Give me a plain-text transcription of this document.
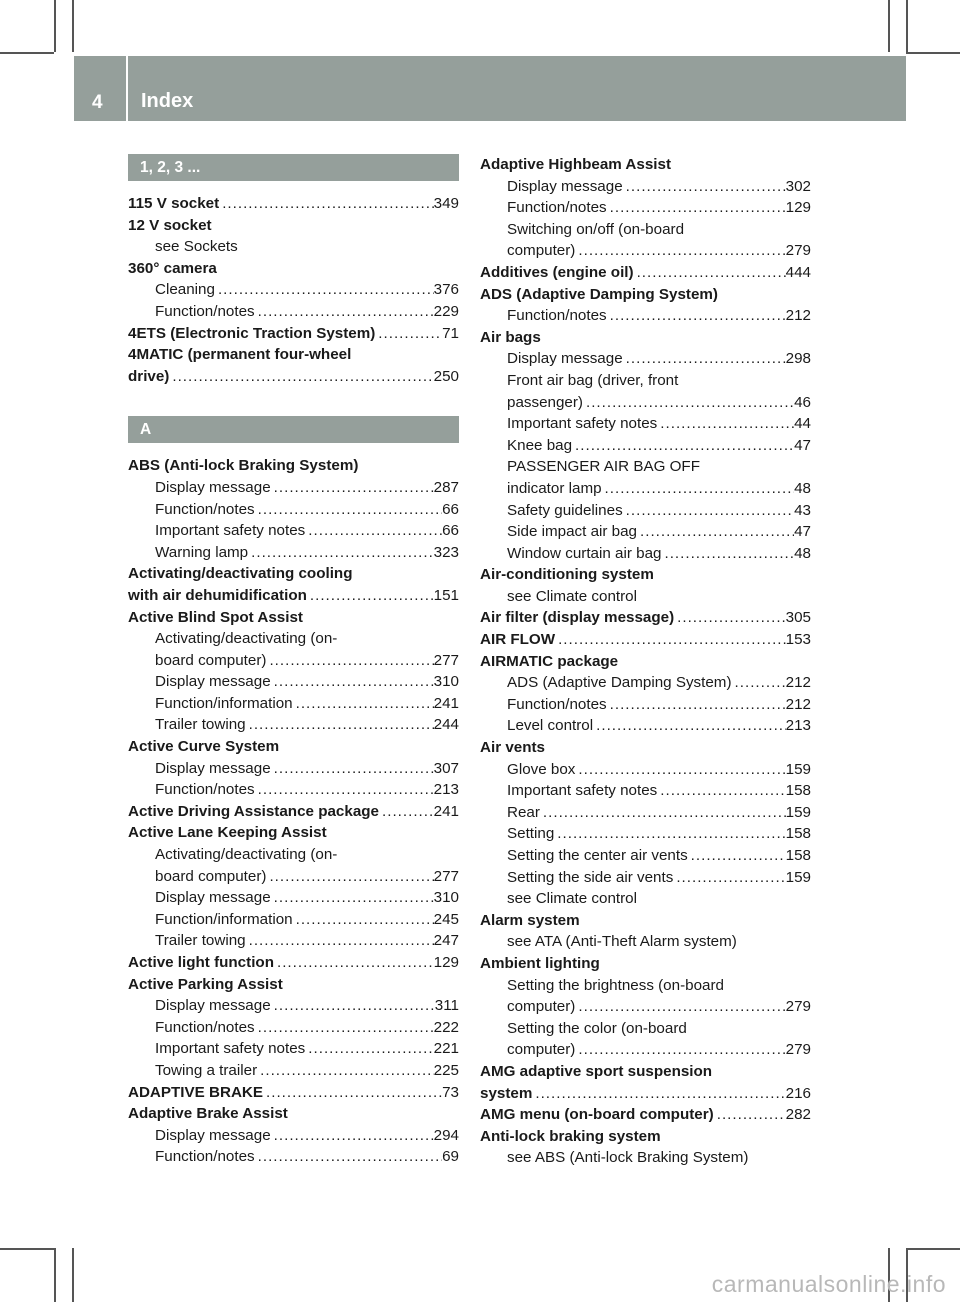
4 Index
1, 2, 3 ...
115 V socket .....	349
12 V socket
see Sockets
360° camera
Cleaning .....	376
Function/notes .....	229
4ETS (Electronic Traction System) .....	71
4MATIC (permanent four-wheel
drive) .....	250
A
ABS (Anti-lock Braking System)
Display message .....	287
Function/notes .....	66
Important safety notes .....	66
Warning lamp .....	323
Activating/deactivating cooling
with air dehumidification .....	151
Active Blind Spot Assist
Activating/deactivating (on-
board computer) .....	277
Display message .....	310
Function/information .....	241
Trailer towing .....	244
Active Curve System
Display message .....	307
Function/notes .....	213
Active Driving Assistance package .....	241
Active Lane Keeping Assist
Activating/deactivating (on-
board computer) .....	277
Display message .....	310
Function/information .....	245
Trailer towing .....	247
Active light function .....	129
Active Parking Assist
Display message .....	311
Function/notes .....	222
Important safety notes .....	221
Towing a trailer .....	225
ADAPTIVE BRAKE .....	73
Adaptive Brake Assist
Display message .....	294
Function/notes .....	69
Adaptive Highbeam Assist
Display message .....	302
Function/notes .....	129
Switching on/off (on-board
computer) .....	279
Additives (engine oil) .....	444
ADS (Adaptive Damping System)
Function/notes .....	212
Air bags
Display message .....	298
Front air bag (driver, front
passenger) .....	46
Important safety notes .....	44
Knee bag .....	47
PASSENGER AIR BAG OFF
indicator lamp .....	48
Safety guidelines .....	43
Side impact air bag .....	47
Window curtain air bag .....	48
Air-conditioning system
see Climate control
Air filter (display message) .....	305
AIR FLOW .....	153
AIRMATIC package
ADS (Adaptive Damping System) .....	212
Function/notes .....	212
Level control .....	213
Air vents
Glove box .....	159
Important safety notes .....	158
Rear .....	159
Setting .....	158
Setting the center air vents .....	158
Setting the side air vents .....	159
see Climate control
Alarm system
see ATA (Anti-Theft Alarm system)
Ambient lighting
Setting the brightness (on-board
computer) .....	279
Setting the color (on-board
computer) .....	279
AMG adaptive sport suspension
system .....	216
AMG menu (on-board computer) .....	282
Anti-lock braking system
see ABS (Anti-lock Braking System)
carmanualsonline.info
